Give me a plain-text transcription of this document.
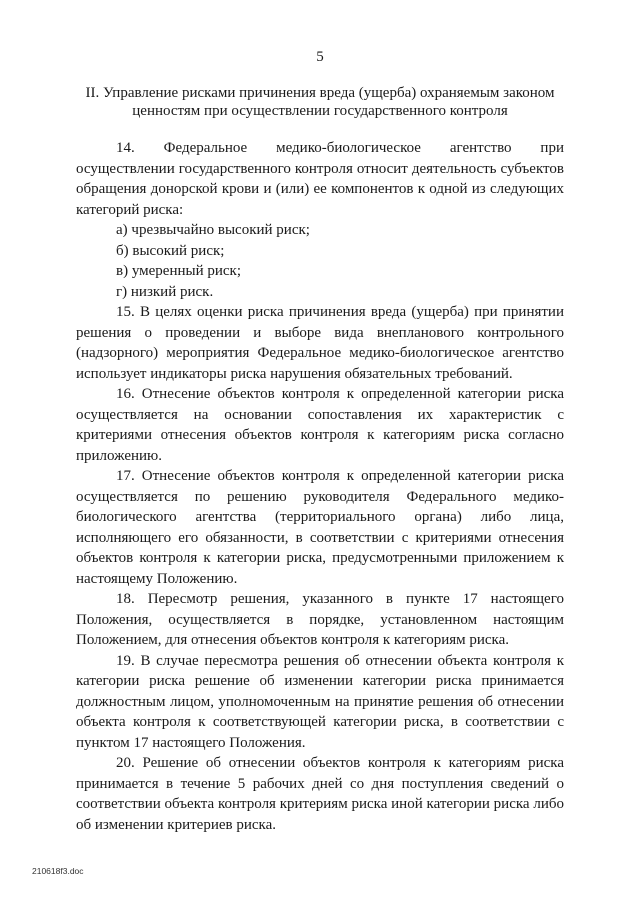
5
II. Управление рисками причинения вреда (ущерба) охраняемым законом ценностям при осуществлении государственного контроля

14. Федеральное медико-биологическое агентство при осуществлении государственного контроля относит деятельность субъектов обращения донорской крови и (или) ее компонентов к одной из следующих категорий риска:

а) чрезвычайно высокий риск;

б) высокий риск;

в) умеренный риск;

г) низкий риск.

15. В целях оценки риска причинения вреда (ущерба) при принятии решения о проведении и выборе вида внепланового контрольного (надзорного) мероприятия Федеральное медико-биологическое агентство использует индикаторы риска нарушения обязательных требований.

16. Отнесение объектов контроля к определенной категории риска осуществляется на основании сопоставления их характеристик с критериями отнесения объектов контроля к категориям риска согласно приложению.

17. Отнесение объектов контроля к определенной категории риска осуществляется по решению руководителя Федерального медико-биологического агентства (территориального органа) либо лица, исполняющего его обязанности, в соответствии с критериями отнесения объектов контроля к категории риска, предусмотренными приложением к настоящему Положению.

18. Пересмотр решения, указанного в пункте 17 настоящего Положения, осуществляется в порядке, установленном настоящим Положением, для отнесения объектов контроля к категориям риска.

19. В случае пересмотра решения об отнесении объекта контроля к категории риска решение об изменении категории риска принимается должностным лицом, уполномоченным на принятие решения об отнесении объекта контроля к соответствующей категории риска, в соответствии с пунктом 17 настоящего Положения.

20. Решение об отнесении объектов контроля к категориям риска принимается в течение 5 рабочих дней со дня поступления сведений о соответствии объекта контроля критериям риска иной категории риска либо об изменении критериев риска.

210618f3.doc
